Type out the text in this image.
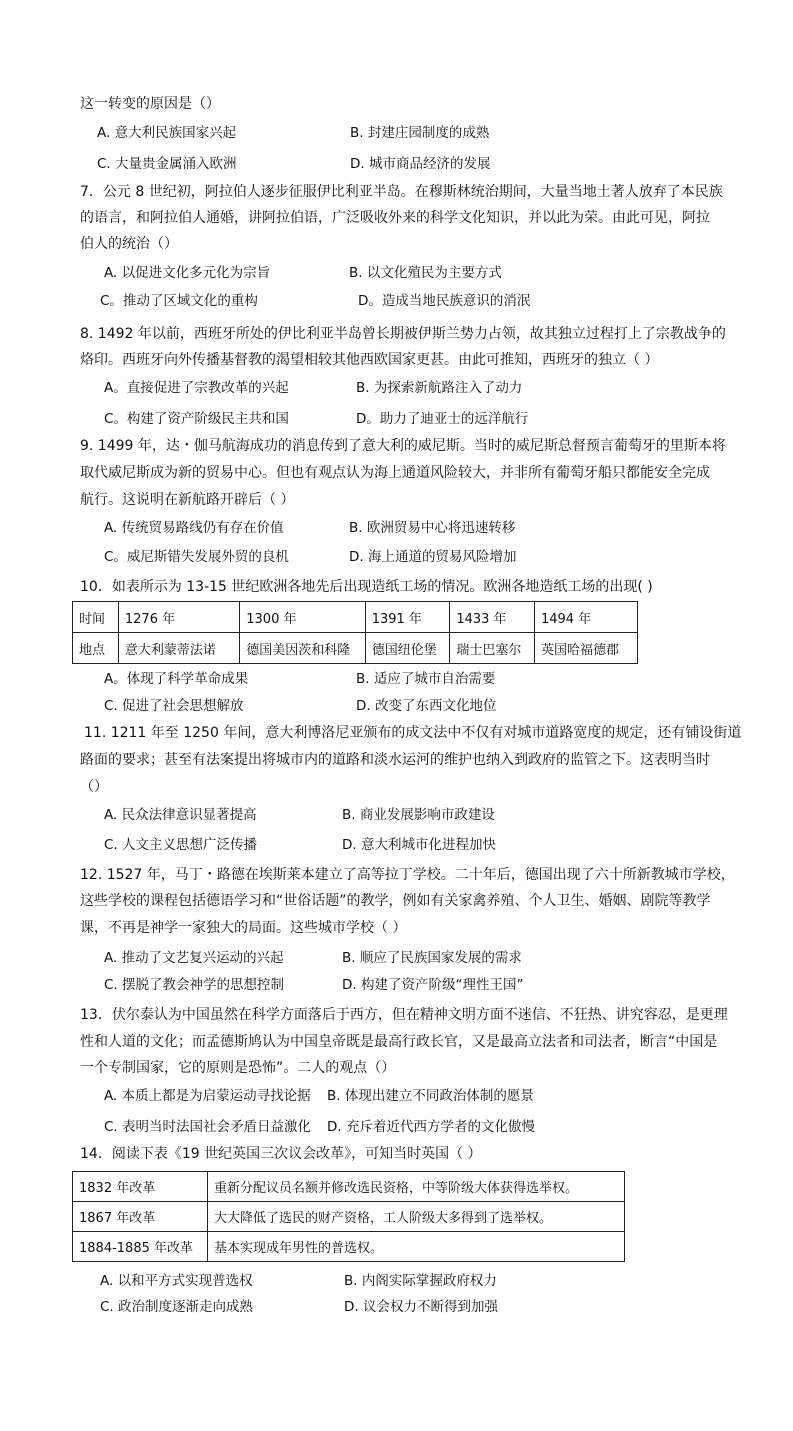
这一转变的原因是（）
A. 意大利民族国家兴起	B. 封建庄园制度的成熟
C. 大量贵金属涌入欧洲	D. 城市商品经济的发展
7．公元 8 世纪初，阿拉伯人逐步征服伊比利亚半岛。在穆斯林统治期间，大量当地土著人放弃了本民族
的语言，和阿拉伯人通婚，讲阿拉伯语，广泛吸收外来的科学文化知识，并以此为荣。由此可见，阿拉
伯人的统治（）
A. 以促进文化多元化为宗旨	B. 以文化殖民为主要方式
C。推动了区域文化的重构	D。造成当地民族意识的消泯
8. 1492 年以前，西班牙所处的伊比利亚半岛曾长期被伊斯兰势力占领，故其独立过程打上了宗教战争的
烙印。西班牙向外传播基督教的渴望相较其他西欧国家更甚。由此可推知，西班牙的独立（ ）
A。直接促进了宗教改革的兴起	B. 为探索新航路注入了动力
C。构建了资产阶级民主共和国	D。助力了迪亚士的远洋航行
9. 1499 年，达・伽马航海成功的消息传到了意大利的威尼斯。当时的威尼斯总督预言葡萄牙的里斯本将
取代威尼斯成为新的贸易中心。但也有观点认为海上通道风险较大，并非所有葡萄牙船只都能安全完成
航行。这说明在新航路开辟后（ ）
A. 传统贸易路线仍有存在价值	B. 欧洲贸易中心将迅速转移
C。威尼斯错失发展外贸的良机	D. 海上通道的贸易风险增加
10．如表所示为 13-15 世纪欧洲各地先后出现造纸工场的情况。欧洲各地造纸工场的出现( )
时间	1276 年	1300 年	1391 年	1433 年	1494 年
地点	意大利蒙蒂法诺	德国美因茨和科隆	德国纽伦堡	瑞士巴塞尔	英国哈福德郡
A。体现了科学革命成果	B. 适应了城市自治需要
C. 促进了社会思想解放	D. 改变了东西文化地位
11. 1211 年至 1250 年间，意大利博洛尼亚颁布的成文法中不仅有对城市道路宽度的规定，还有铺设街道
路面的要求；甚至有法案提出将城市内的道路和淡水运河的维护也纳入到政府的监管之下。这表明当时
（）
A. 民众法律意识显著提高	B. 商业发展影响市政建设
C. 人文主义思想广泛传播	D. 意大利城市化进程加快
12. 1527 年，马丁・路德在埃斯莱本建立了高等拉丁学校。二十年后，德国出现了六十所新教城市学校，
这些学校的课程包括德语学习和“世俗话题”的教学，例如有关家禽养殖、个人卫生、婚姻、剧院等教学
课，不再是神学一家独大的局面。这些城市学校（ ）
A. 推动了文艺复兴运动的兴起	B. 顺应了民族国家发展的需求
C. 摆脱了教会神学的思想控制	D. 构建了资产阶级“理性王国”
13．伏尔泰认为中国虽然在科学方面落后于西方，但在精神文明方面不迷信、不狂热、讲究容忍，是更理
性和人道的文化；而孟德斯鸠认为中国皇帝既是最高行政长官，又是最高立法者和司法者，断言“中国是
一个专制国家，它的原则是恐怖”。二人的观点（）
A. 本质上都是为启蒙运动寻找论据 B. 体现出建立不同政治体制的愿景
C. 表明当时法国社会矛盾日益激化 D. 充斥着近代西方学者的文化傲慢
14．阅读下表《19 世纪英国三次议会改革》，可知当时英国（ ）
1832 年改革	重新分配议员名额并修改选民资格，中等阶级大体获得选举权。
1867 年改革	大大降低了选民的财产资格，工人阶级大多得到了选举权。
1884-1885 年改革	基本实现成年男性的普选权。
A. 以和平方式实现普选权	B. 内阁实际掌握政府权力
C. 政治制度逐渐走向成熟	D. 议会权力不断得到加强
